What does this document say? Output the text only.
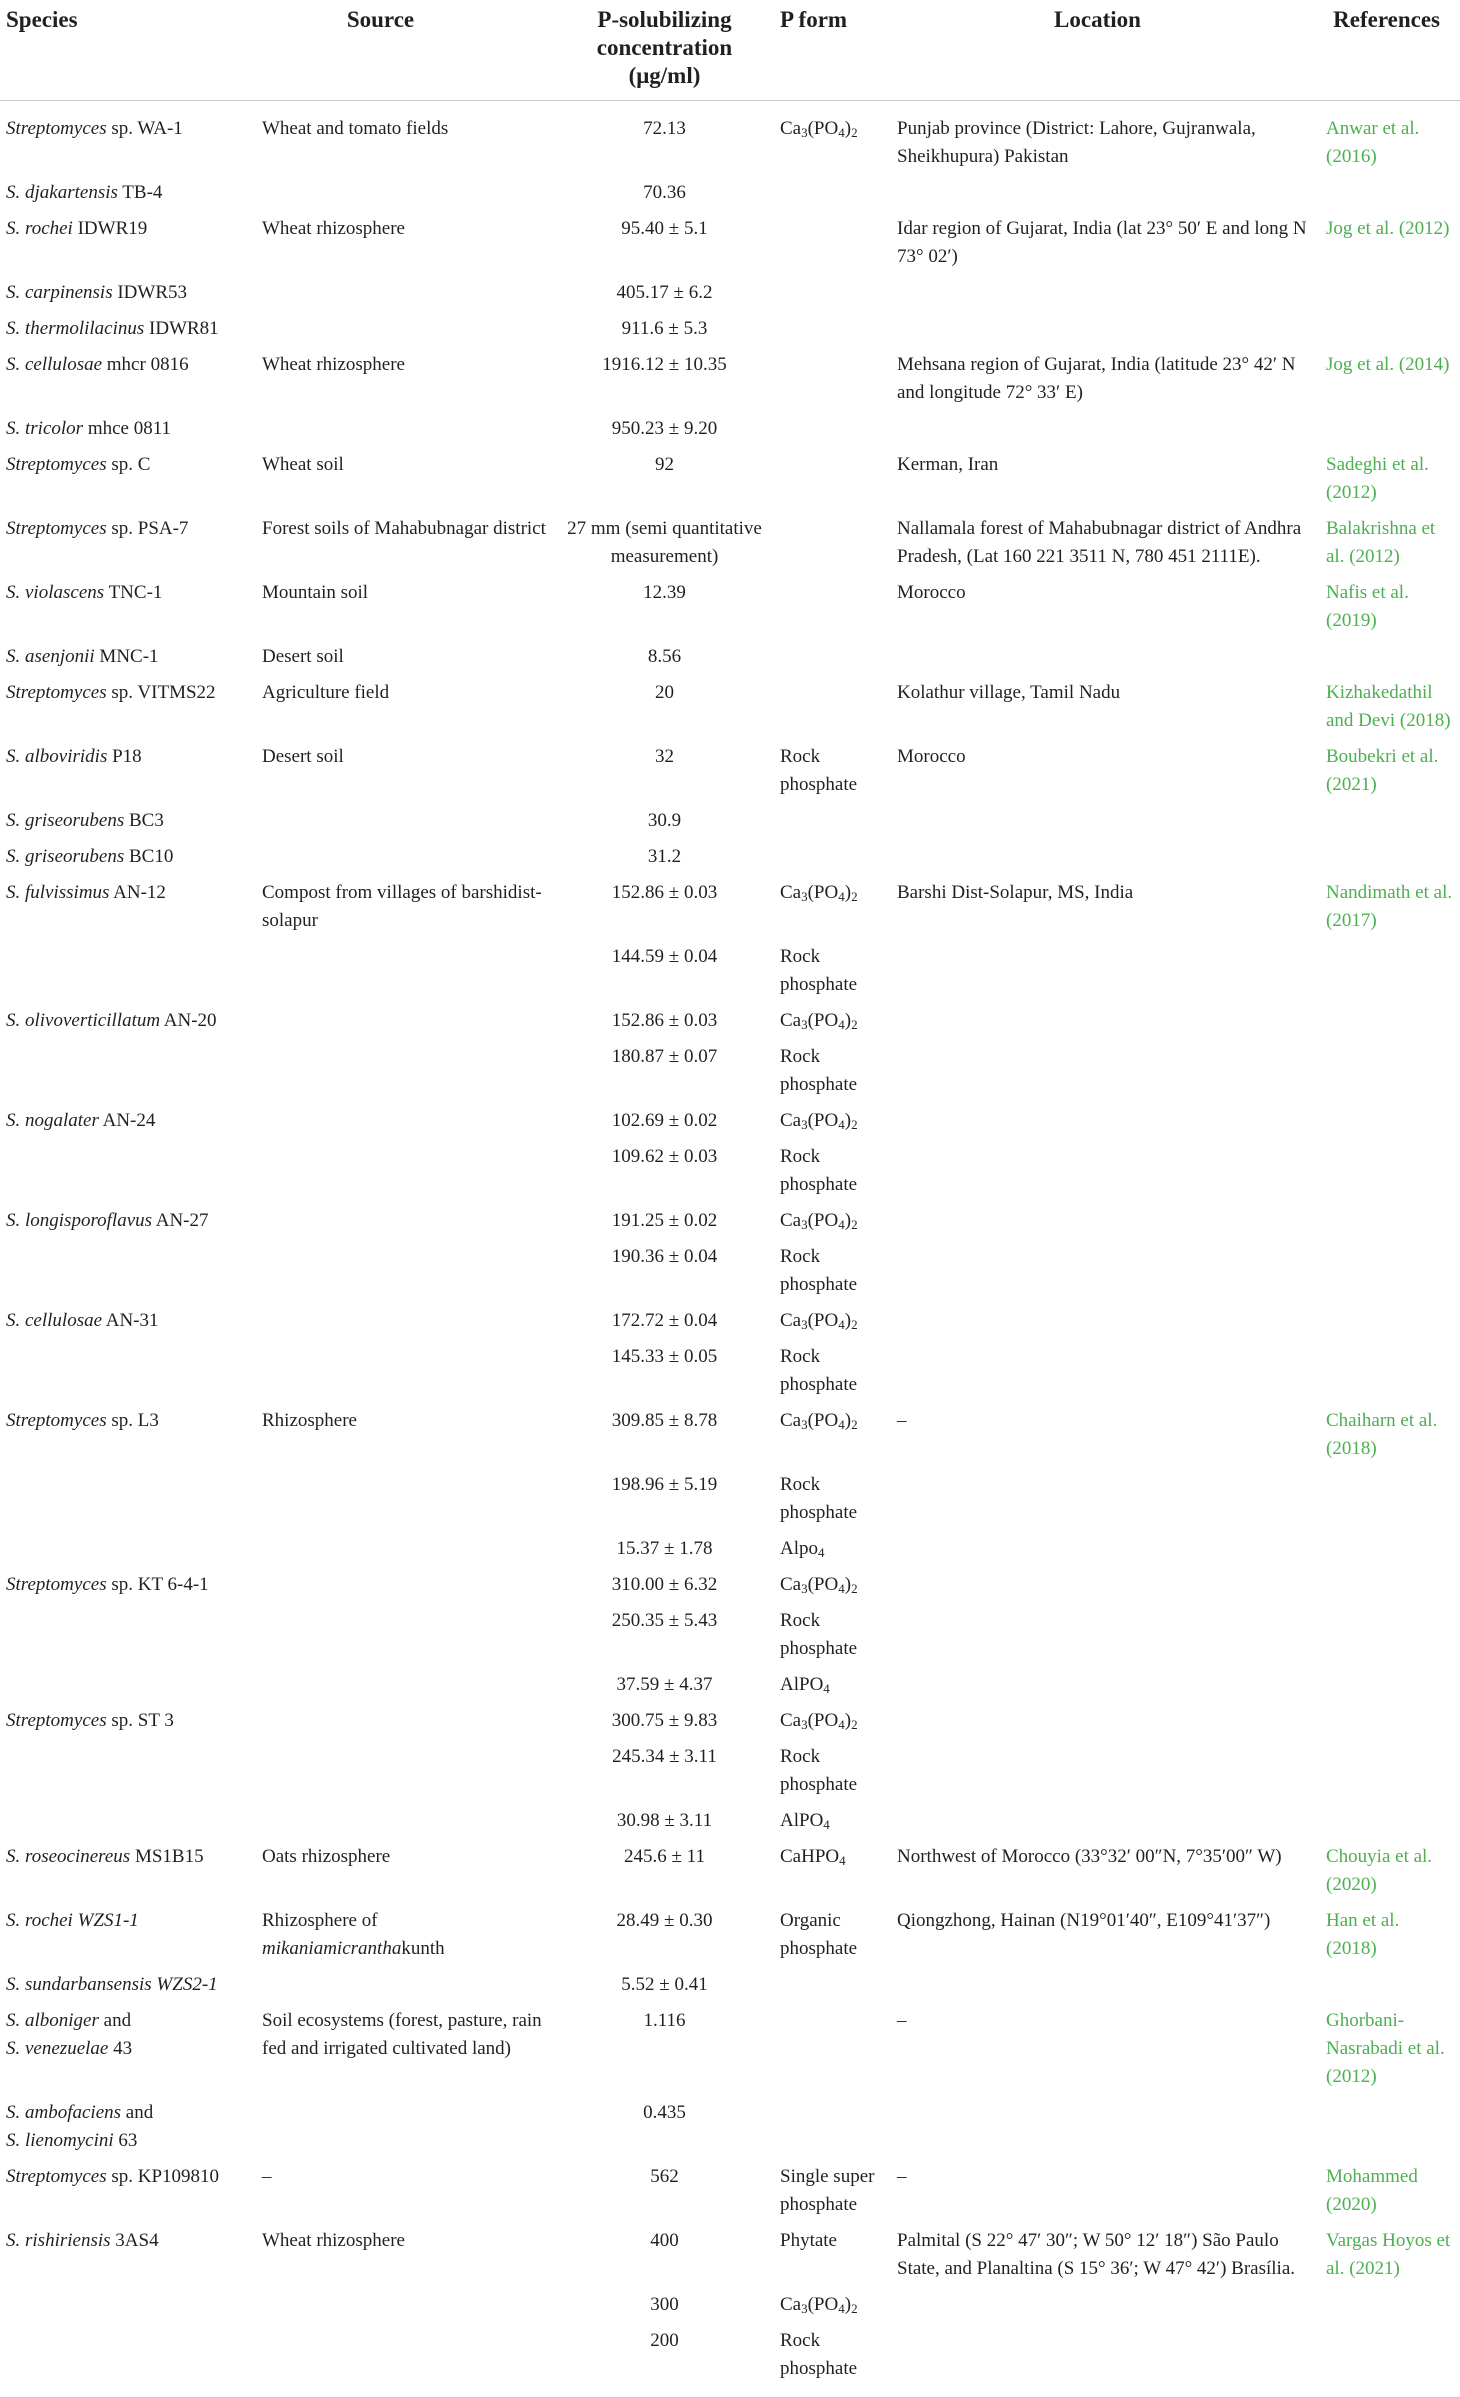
Species	Source	P-solubilizing concentration (μg/ml)	P form	Location	References
Streptomyces sp. WA-1	Wheat and tomato fields	72.13	$Ca_3(PO_4)_2$	Punjab province (District: Lahore, Gujranwala, Sheikhupura) Pakistan	Anwar et al. (2016)
S. djakartensis TB-4		70.36			
S. rochei IDWR19	Wheat rhizosphere	95.40 ± 5.1		Idar region of Gujarat, India (lat 23° 50′ E and long N 73° 02′)	Jog et al. (2012)
S. carpinensis IDWR53		405.17 ± 6.2			
S. thermolilacinus IDWR81		911.6 ± 5.3			
S. cellulosae mhcr 0816	Wheat rhizosphere	1916.12 ± 10.35		Mehsana region of Gujarat, India (latitude 23° 42′ N and longitude 72° 33′ E)	Jog et al. (2014)
S. tricolor mhce 0811		950.23 ± 9.20			
Streptomyces sp. C	Wheat soil	92		Kerman, Iran	Sadeghi et al. (2012)
Streptomyces sp. PSA-7	Forest soils of Mahabubnagar district	27 mm (semi quantitative measurement)		Nallamala forest of Mahabubnagar district of Andhra Pradesh, (Lat 160 221 3511 N, 780 451 2111E).	Balakrishna et al. (2012)
S. violascens TNC-1	Mountain soil	12.39		Morocco	Nafis et al. (2019)
S. asenjonii MNC-1	Desert soil	8.56			
Streptomyces sp. VITMS22	Agriculture field	20		Kolathur village, Tamil Nadu	Kizhakedathil and Devi (2018)
S. alboviridis P18	Desert soil	32	Rock phosphate	Morocco	Boubekri et al. (2021)
S. griseorubens BC3		30.9			
S. griseorubens BC10		31.2			
S. fulvissimus AN-12	Compost from villages of barshidist-solapur	152.86 ± 0.03	$Ca_3(PO_4)_2$	Barshi Dist-Solapur, MS, India	Nandimath et al. (2017)
		144.59 ± 0.04	Rock phosphate		
S. olivoverticillatum AN-20		152.86 ± 0.03	$Ca_3(PO_4)_2$		
		180.87 ± 0.07	Rock phosphate		
S. nogalater AN-24		102.69 ± 0.02	$Ca_3(PO_4)_2$		
		109.62 ± 0.03	Rock phosphate		
S. longisporoflavus AN-27		191.25 ± 0.02	$Ca_3(PO_4)_2$		
		190.36 ± 0.04	Rock phosphate		
S. cellulosae AN-31		172.72 ± 0.04	$Ca_3(PO_4)_2$		
		145.33 ± 0.05	Rock phosphate		
Streptomyces sp. L3	Rhizosphere	309.85 ± 8.78	$Ca_3(PO_4)_2$	–	Chaiharn et al. (2018)
		198.96 ± 5.19	Rock phosphate		
		15.37 ± 1.78	Alpo$_4$		
Streptomyces sp. KT 6-4-1		310.00 ± 6.32	$Ca_3(PO_4)_2$		
		250.35 ± 5.43	Rock phosphate		
		37.59 ± 4.37	AlPO$_4$		
Streptomyces sp. ST 3		300.75 ± 9.83	$Ca_3(PO_4)_2$		
		245.34 ± 3.11	Rock phosphate		
		30.98 ± 3.11	AlPO$_4$		
S. roseocinereus MS1B15	Oats rhizosphere	245.6 ± 11	CaHPO$_4$	Northwest of Morocco (33°32′ 00″N, 7°35′00″ W)	Chouyia et al. (2020)
S. rochei WZS1-1	Rhizosphere of mikaniamicranthakunth	28.49 ± 0.30	Organic phosphate	Qiongzhong, Hainan (N19°01′40″, E109°41′37″)	Han et al. (2018)
S. sundarbansensis WZS2-1		5.52 ± 0.41			
S. alboniger and
S. venezuelae 43	Soil ecosystems (forest, pasture, rain fed and irrigated cultivated land)	1.116		–	Ghorbani-Nasrabadi et al. (2012)
S. ambofaciens and
S. lienomycini 63		0.435			
Streptomyces sp. KP109810	–	562	Single super phosphate	–	Mohammed (2020)
S. rishiriensis 3AS4	Wheat rhizosphere	400	Phytate	Palmital (S 22° 47′ 30″; W 50° 12′ 18″) São Paulo State, and Planaltina (S 15° 36′; W 47° 42′) Brasília.	Vargas Hoyos et al. (2021)
		300	$Ca_3(PO_4)_2$		
		200	Rock phosphate		
